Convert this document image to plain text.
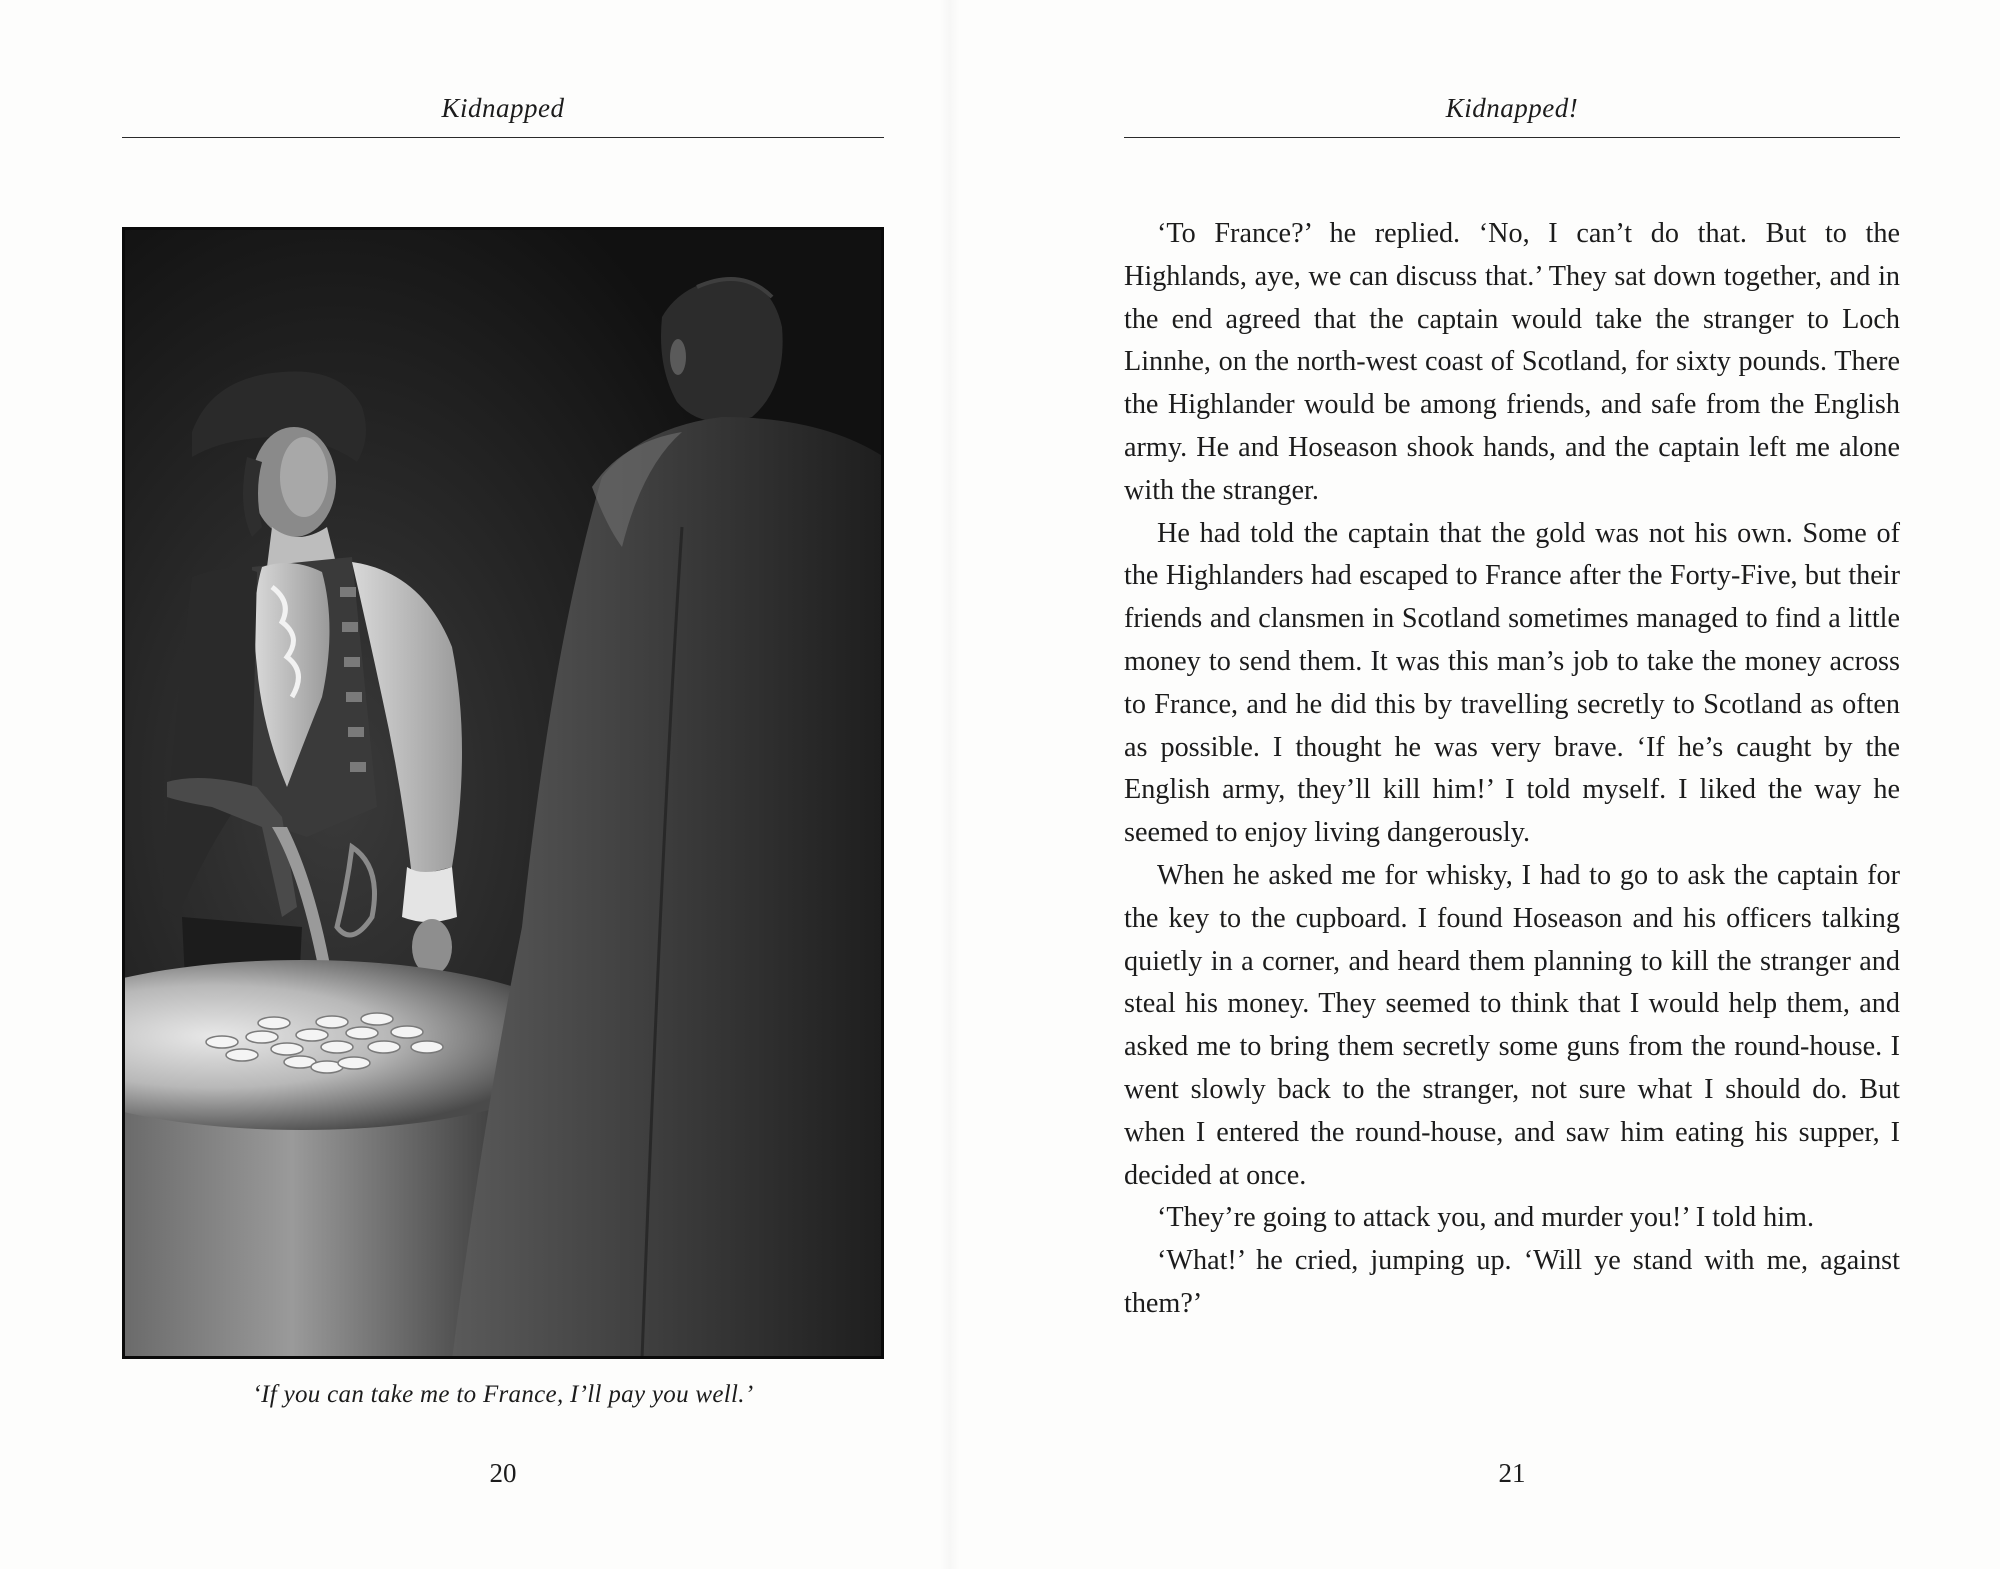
Kidnapped
‘If you can take me to France, I’ll pay you well.’
20
Kidnapped!

‘To France?’ he replied. ‘No, I can’t do that. But to the Highlands, aye, we can discuss that.’ They sat down together, and in the end agreed that the captain would take the stranger to Loch Linnhe, on the north-west coast of Scotland, for sixty pounds. There the Highlander would be among friends, and safe from the English army. He and Hoseason shook hands, and the captain left me alone with the stranger.

He had told the captain that the gold was not his own. Some of the Highlanders had escaped to France after the Forty-Five, but their friends and clansmen in Scotland sometimes managed to find a little money to send them. It was this man’s job to take the money across to France, and he did this by travelling secretly to Scotland as often as possible. I thought he was very brave. ‘If he’s caught by the English army, they’ll kill him!’ I told myself. I liked the way he seemed to enjoy living dangerously.

When he asked me for whisky, I had to go to ask the captain for the key to the cupboard. I found Hoseason and his officers talking quietly in a corner, and heard them planning to kill the stranger and steal his money. They seemed to think that I would help them, and asked me to bring them secretly some guns from the round-house. I went slowly back to the stranger, not sure what I should do. But when I entered the round-house, and saw him eating his supper, I decided at once.

‘They’re going to attack you, and murder you!’ I told him.

‘What!’ he cried, jumping up. ‘Will ye stand with me, against them?’

21
